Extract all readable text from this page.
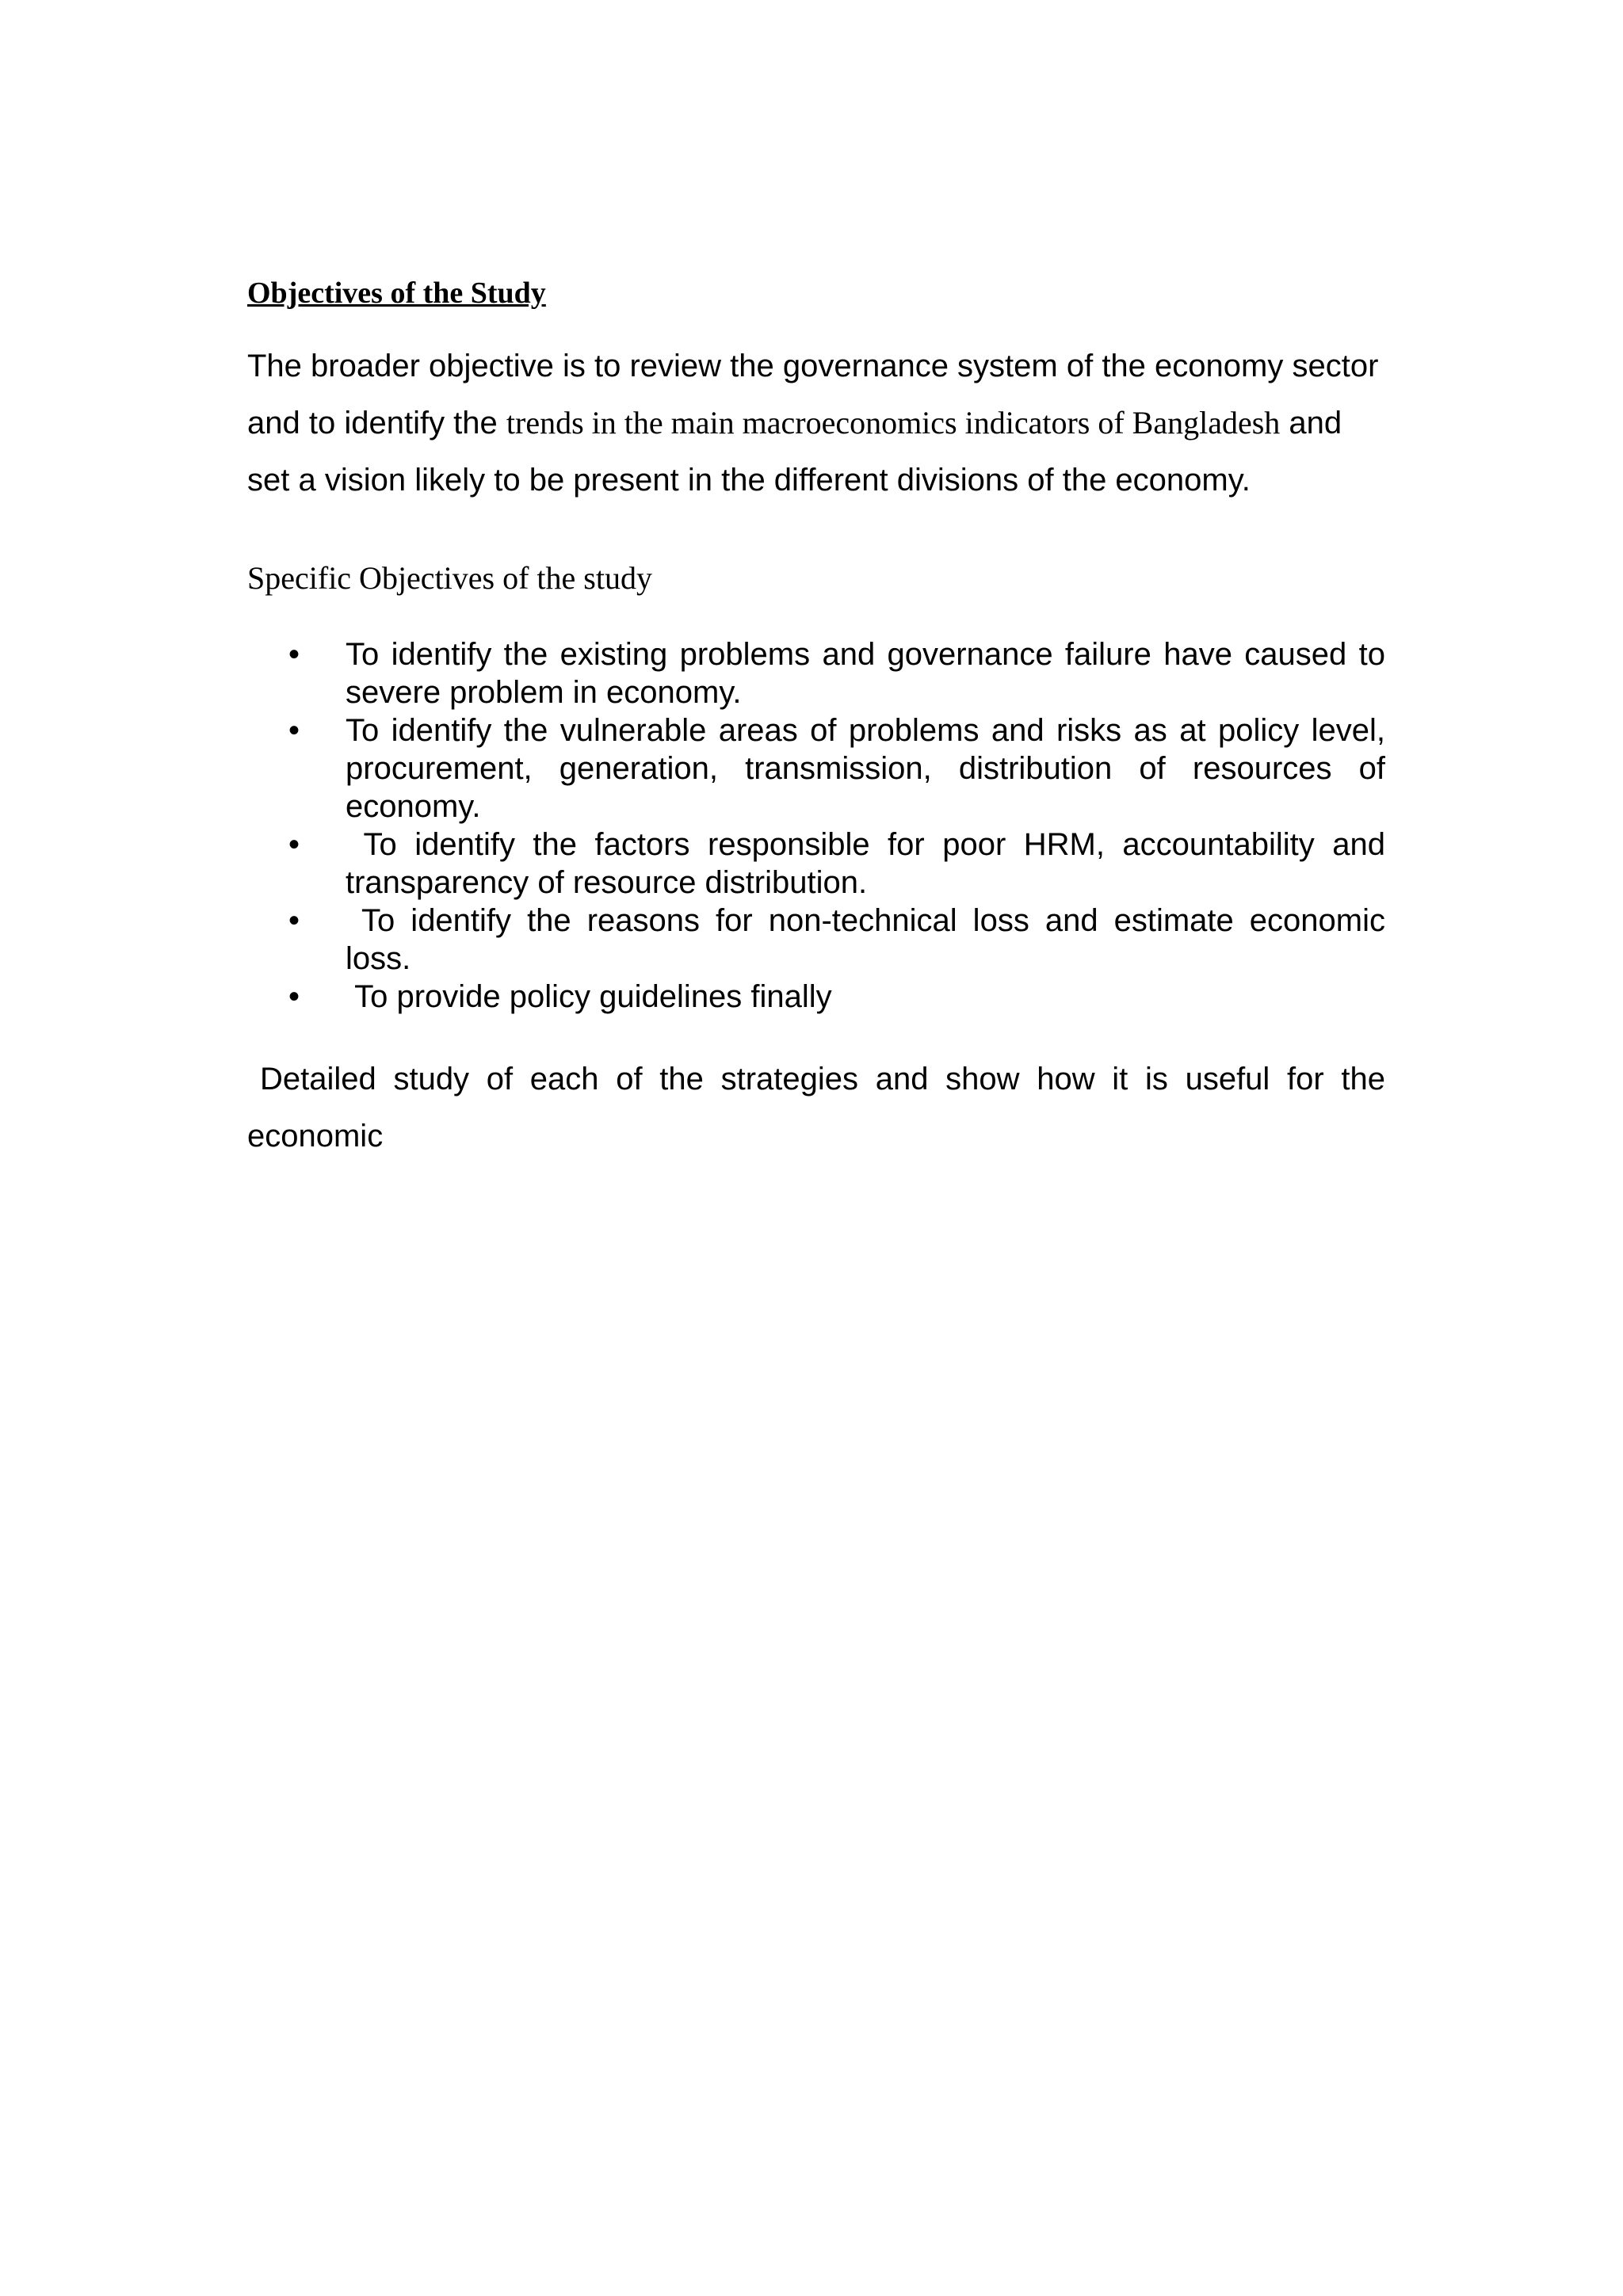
Objectives of the Study

The broader objective is to review the governance system of the economy sector and to identify the trends in the main macroeconomics indicators of Bangladesh and set a vision likely to be present in the different divisions of the economy.

Specific Objectives of the study

• To identify the existing problems and governance failure have caused to severe problem in economy.
• To identify the vulnerable areas of problems and risks as at policy level, procurement, generation, transmission, distribution of resources of economy.
• To identify the factors responsible for poor HRM, accountability and transparency of resource distribution.
• To identify the reasons for non-technical loss and estimate economic loss.
• To provide policy guidelines finally

Detailed study of each of the strategies and show how it is useful for the economic
